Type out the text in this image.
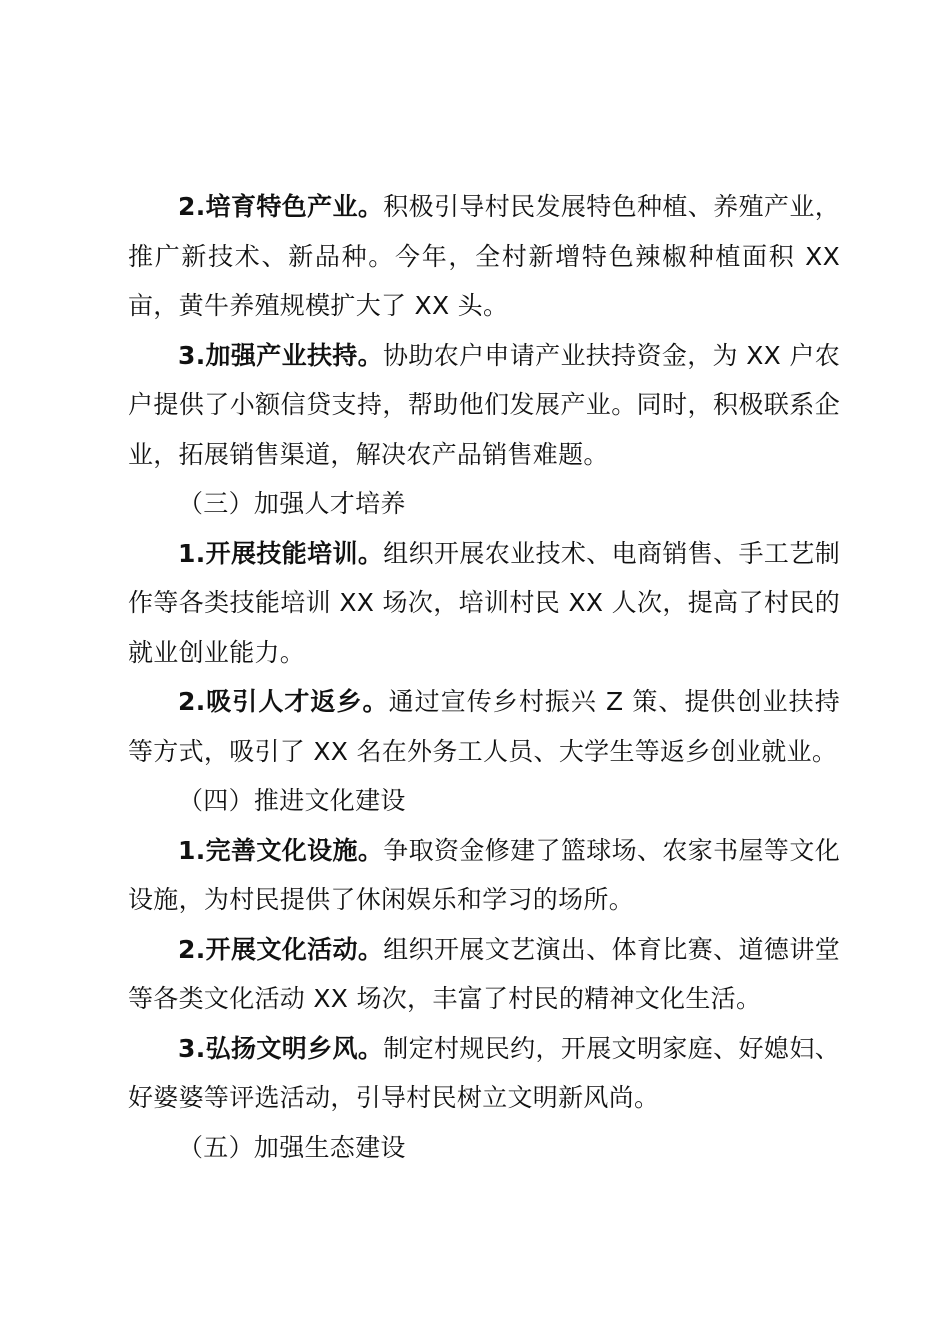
2.培育特色产业。积极引导村民发展特色种植、养殖产业，推广新技术、新品种。今年，全村新增特色辣椒种植面积 XX 亩，黄牛养殖规模扩大了 XX 头。

3.加强产业扶持。协助农户申请产业扶持资金，为 XX 户农户提供了小额信贷支持，帮助他们发展产业。同时，积极联系企业，拓展销售渠道，解决农产品销售难题。

（三）加强人才培养

1.开展技能培训。组织开展农业技术、电商销售、手工艺制作等各类技能培训 XX 场次，培训村民 XX 人次，提高了村民的就业创业能力。

2.吸引人才返乡。通过宣传乡村振兴 Z 策、提供创业扶持等方式，吸引了 XX 名在外务工人员、大学生等返乡创业就业。

（四）推进文化建设

1.完善文化设施。争取资金修建了篮球场、农家书屋等文化设施，为村民提供了休闲娱乐和学习的场所。

2.开展文化活动。组织开展文艺演出、体育比赛、道德讲堂等各类文化活动 XX 场次，丰富了村民的精神文化生活。

3.弘扬文明乡风。制定村规民约，开展文明家庭、好媳妇、好婆婆等评选活动，引导村民树立文明新风尚。

（五）加强生态建设
